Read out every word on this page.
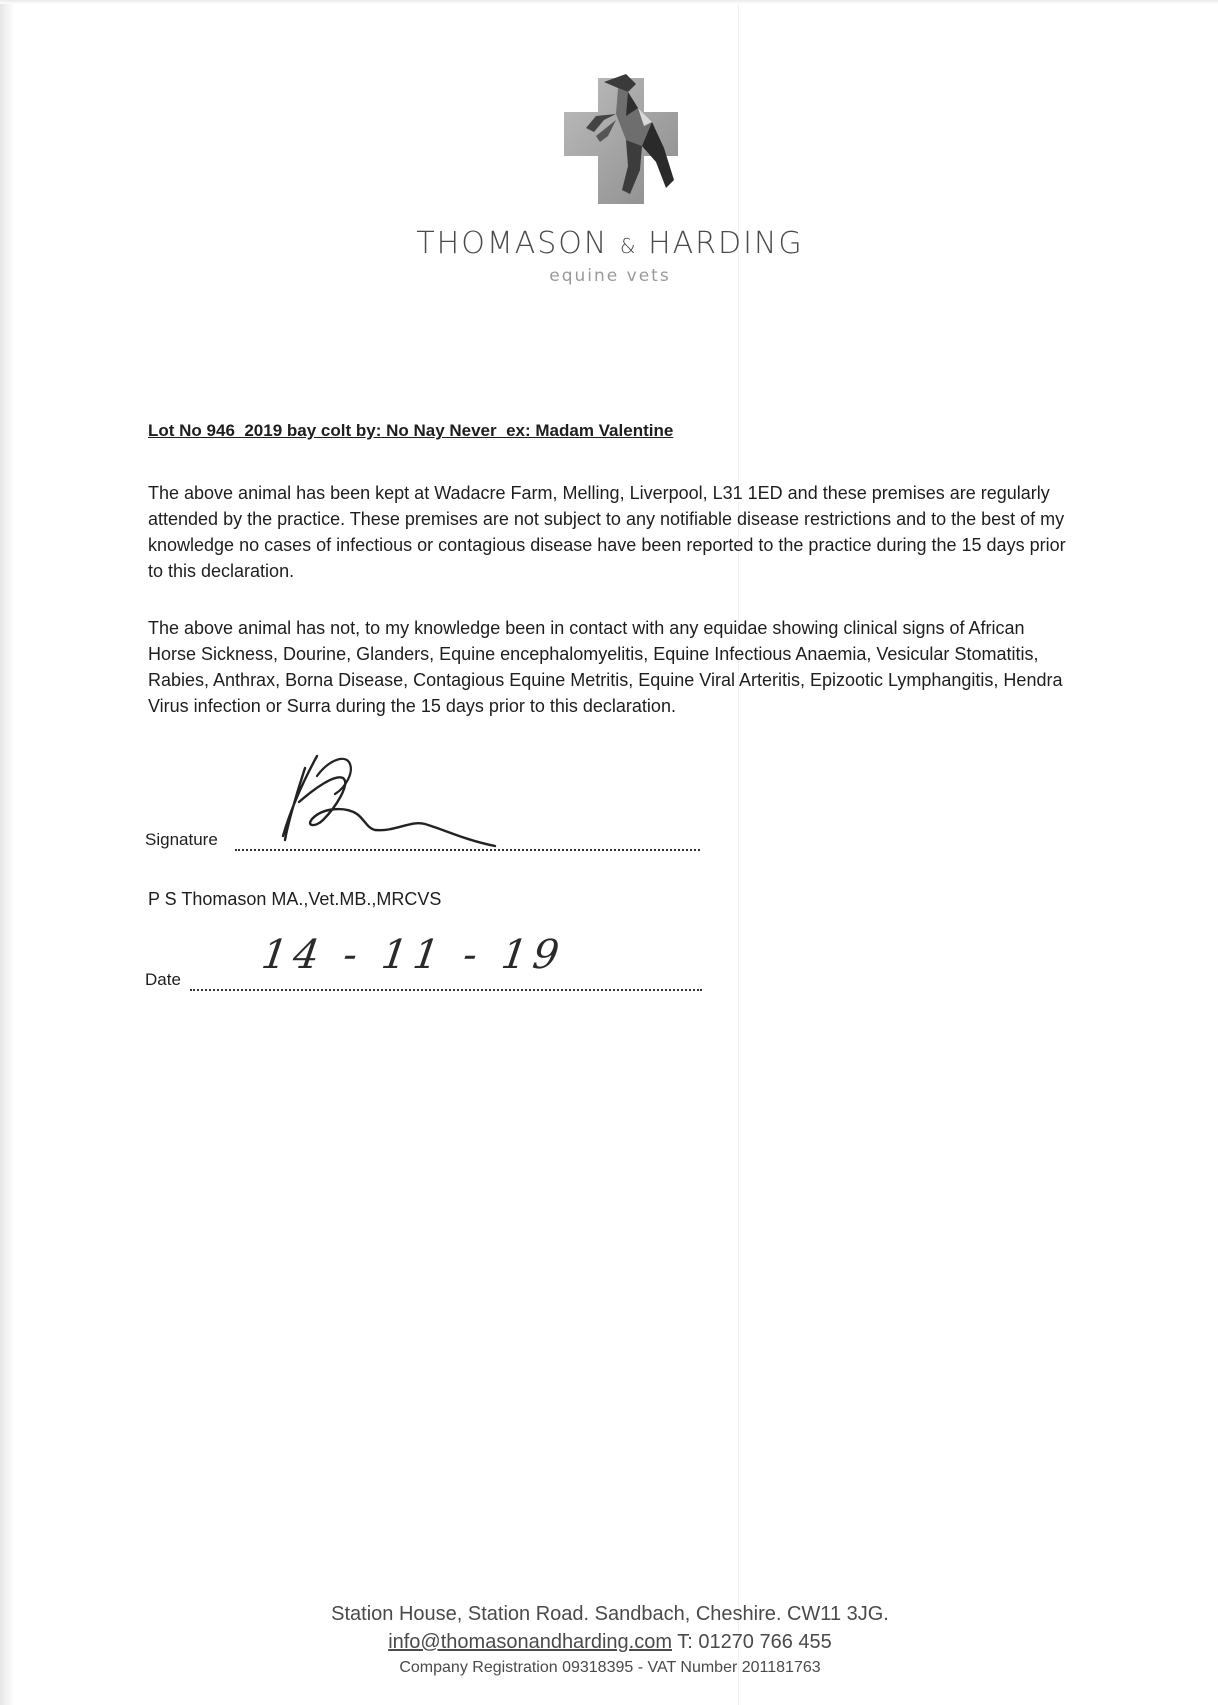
THOMASON & HARDING
equine vets
Lot No 946  2019 bay colt by: No Nay Never  ex: Madam Valentine

The above animal has been kept at Wadacre Farm, Melling, Liverpool, L31 1ED and these premises are regularly attended by the practice. These premises are not subject to any notifiable disease restrictions and to the best of my knowledge no cases of infectious or contagious disease have been reported to the practice during the 15 days prior to this declaration.

The above animal has not, to my knowledge been in contact with any equidae showing clinical signs of African Horse Sickness, Dourine, Glanders, Equine encephalomyelitis, Equine Infectious Anaemia, Vesicular Stomatitis, Rabies, Anthrax, Borna Disease, Contagious Equine Metritis, Equine Viral Arteritis, Epizootic Lymphangitis, Hendra Virus infection or Surra during the 15 days prior to this declaration.

Signature
P S Thomason MA.,Vet.MB.,MRCVS
Date
14 - 11 - 19
Station House, Station Road. Sandbach, Cheshire. CW11 3JG.
info@thomasonandharding.com T: 01270 766 455
Company Registration 09318395 - VAT Number 201181763
